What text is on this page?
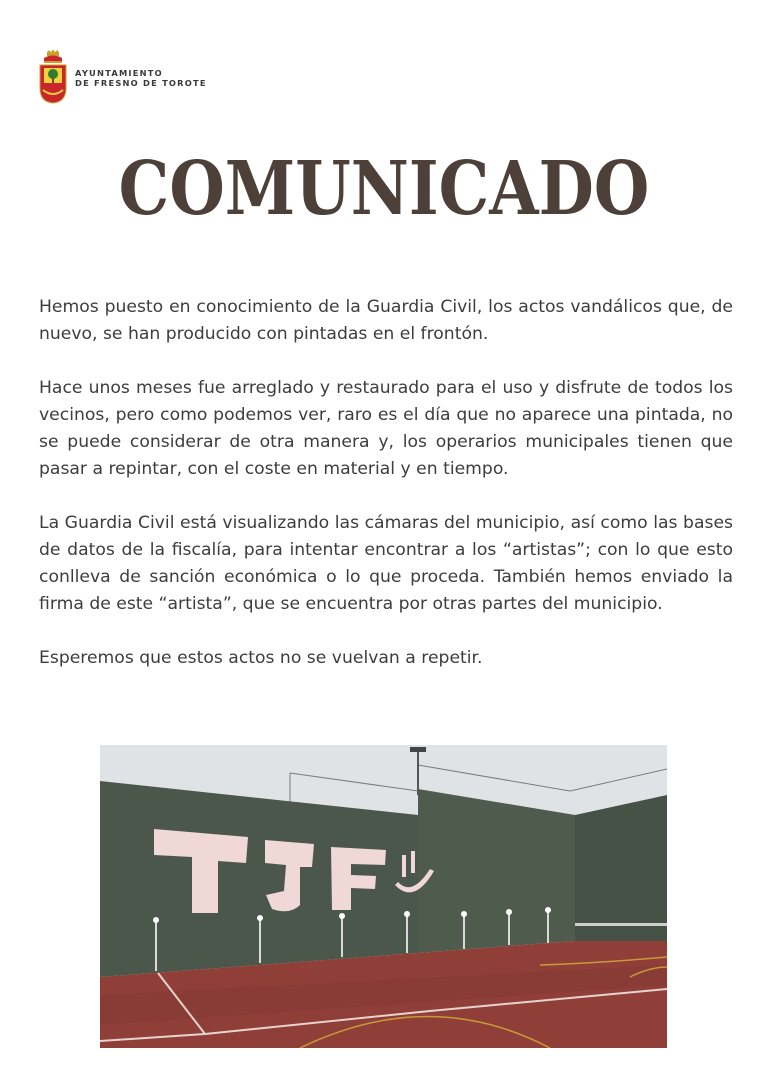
AYUNTAMIENTO
DE FRESNO DE TOROTE
COMUNICADO

Hemos puesto en conocimiento de la Guardia Civil, los actos vandálicos que, de nuevo, se han producido con pintadas en el frontón.

Hace unos meses fue arreglado y restaurado para el uso y disfrute de todos los vecinos, pero como podemos ver, raro es el día que no aparece una pintada, no se puede considerar de otra manera y, los operarios municipales tienen que pasar a repintar, con el coste en material y en tiempo.

La Guardia Civil está visualizando las cámaras del municipio, así como las bases de datos de la fiscalía, para intentar encontrar a los “artistas”; con lo que esto conlleva de sanción económica o lo que proceda. También hemos enviado la firma de este “artista”, que se encuentra por otras partes del municipio.

Esperemos que estos actos no se vuelvan a repetir.
